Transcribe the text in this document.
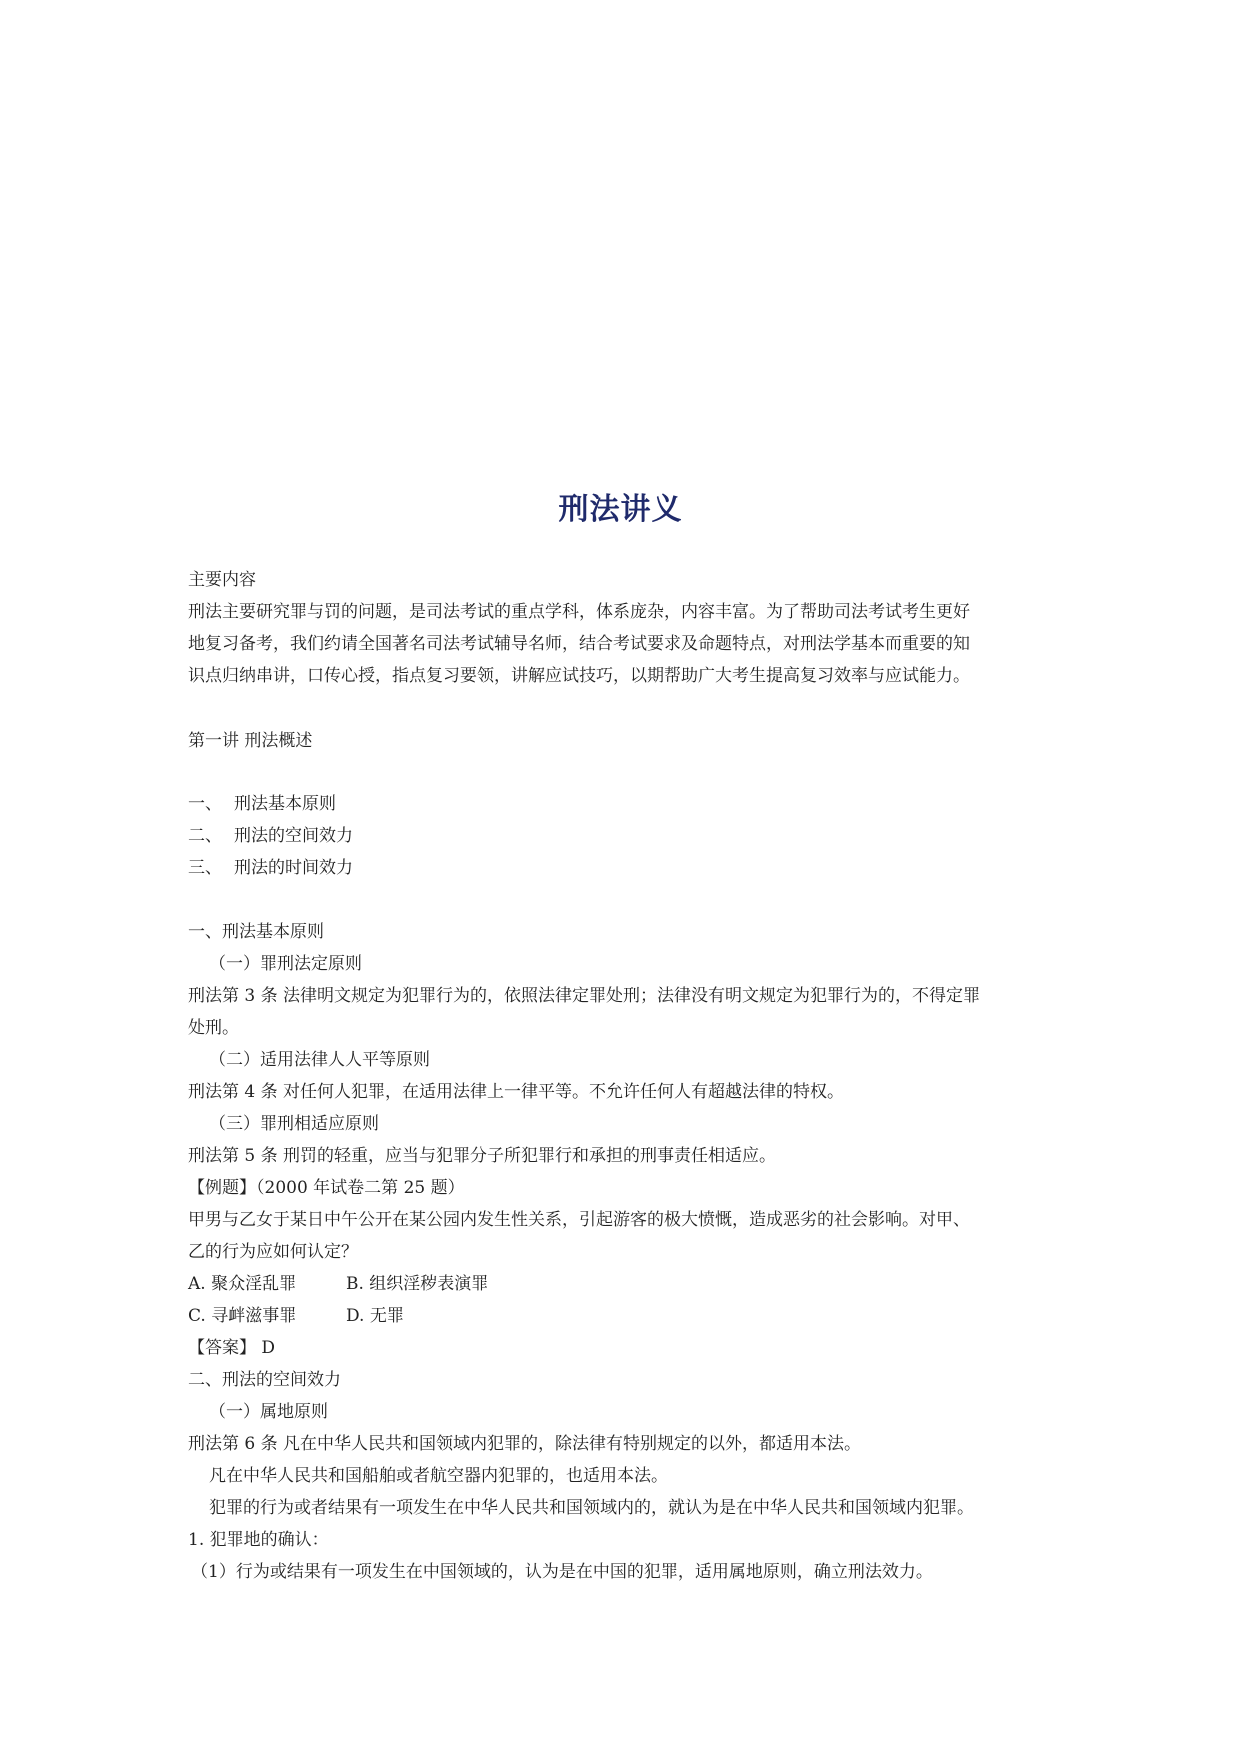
刑法讲义
主要内容
刑法主要研究罪与罚的问题，是司法考试的重点学科，体系庞杂，内容丰富。为了帮助司法考试考生更好
地复习备考，我们约请全国著名司法考试辅导名师，结合考试要求及命题特点，对刑法学基本而重要的知
识点归纳串讲，口传心授，指点复习要领，讲解应试技巧，以期帮助广大考生提高复习效率与应试能力。
第一讲 刑法概述
一、 刑法基本原则
二、 刑法的空间效力
三、 刑法的时间效力
一、刑法基本原则
（一）罪刑法定原则
刑法第 3 条 法律明文规定为犯罪行为的，依照法律定罪处刑；法律没有明文规定为犯罪行为的，不得定罪
处刑。
（二）适用法律人人平等原则
刑法第 4 条 对任何人犯罪，在适用法律上一律平等。不允许任何人有超越法律的特权。
（三）罪刑相适应原则
刑法第 5 条 刑罚的轻重，应当与犯罪分子所犯罪行和承担的刑事责任相适应。
【例题】（2000 年试卷二第 25 题）
甲男与乙女于某日中午公开在某公园内发生性关系，引起游客的极大愤慨，造成恶劣的社会影响。对甲、
乙的行为应如何认定？
A. 聚众淫乱罪	B. 组织淫秽表演罪
C. 寻衅滋事罪	D. 无罪
【答案】 D
二、刑法的空间效力
（一）属地原则
刑法第 6 条 凡在中华人民共和国领域内犯罪的，除法律有特别规定的以外，都适用本法。
凡在中华人民共和国船舶或者航空器内犯罪的，也适用本法。
犯罪的行为或者结果有一项发生在中华人民共和国领域内的，就认为是在中华人民共和国领域内犯罪。
1. 犯罪地的确认：
（1）行为或结果有一项发生在中国领域的，认为是在中国的犯罪，适用属地原则，确立刑法效力。
